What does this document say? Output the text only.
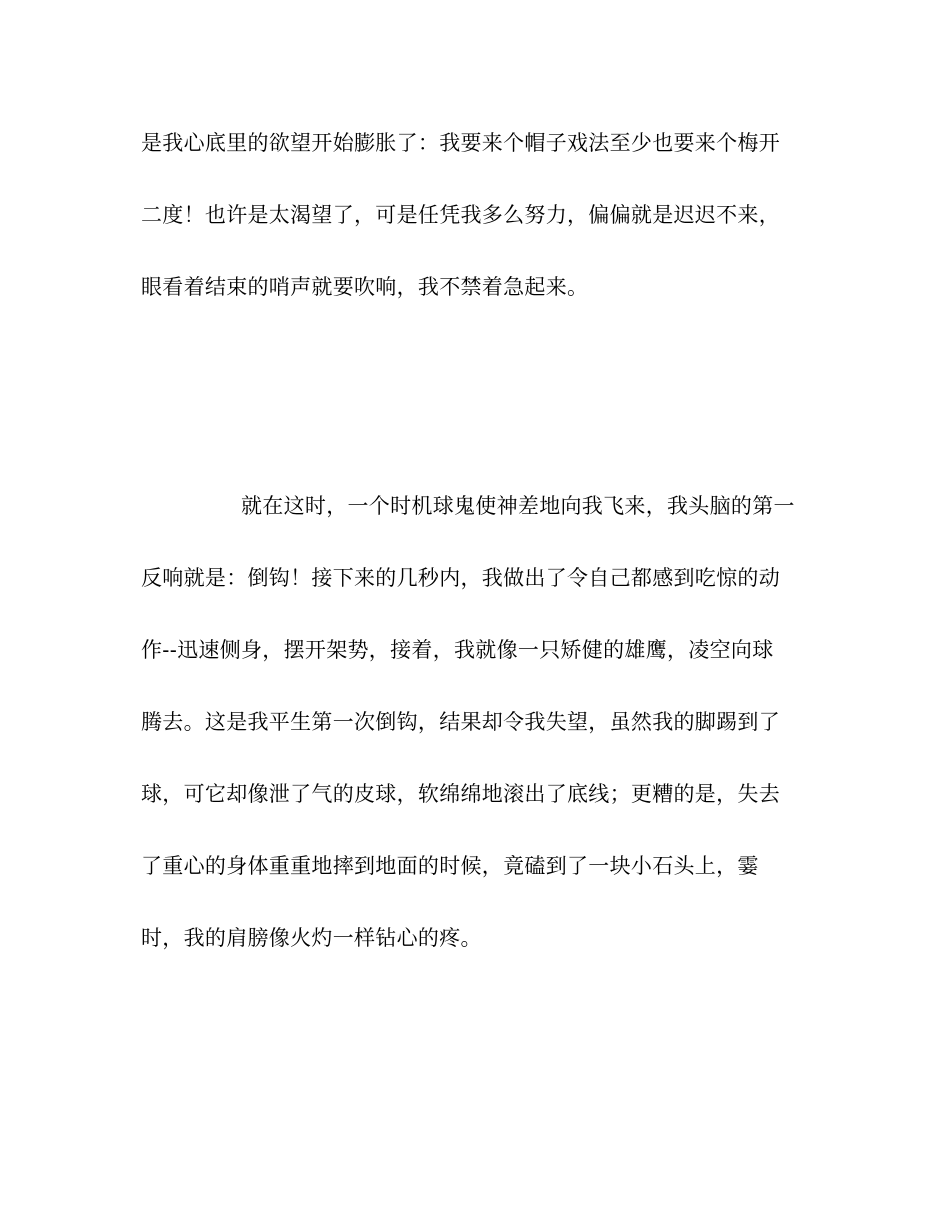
是我心底里的欲望开始膨胀了：我要来个帽子戏法至少也要来个梅开
二度！也许是太渴望了，可是任凭我多么努力，偏偏就是迟迟不来，
眼看着结束的哨声就要吹响，我不禁着急起来。
就在这时，一个时机球鬼使神差地向我飞来，我头脑的第一
反响就是：倒钩！接下来的几秒内，我做出了令自己都感到吃惊的动
作--迅速侧身，摆开架势，接着，我就像一只矫健的雄鹰，凌空向球
腾去。这是我平生第一次倒钩，结果却令我失望，虽然我的脚踢到了
球，可它却像泄了气的皮球，软绵绵地滚出了底线；更糟的是，失去
了重心的身体重重地摔到地面的时候，竟磕到了一块小石头上，霎
时，我的肩膀像火灼一样钻心的疼。
